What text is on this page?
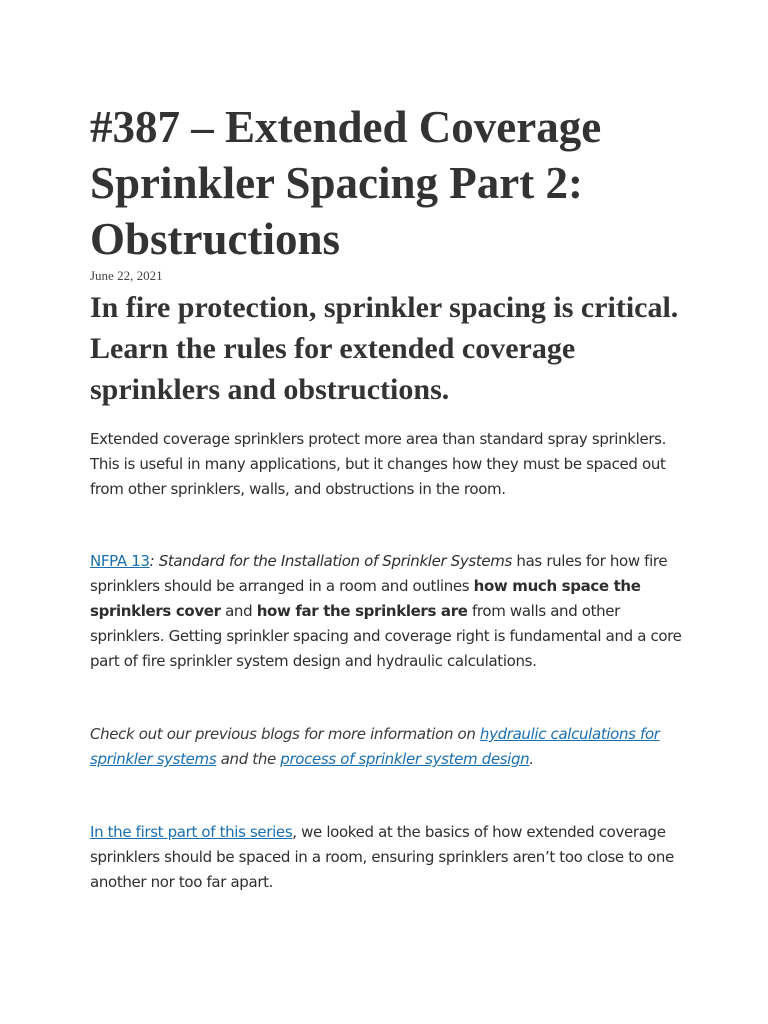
#387 – Extended Coverage Sprinkler Spacing Part 2: Obstructions
June 22, 2021
In fire protection, sprinkler spacing is critical. Learn the rules for extended coverage sprinklers and obstructions.

Extended coverage sprinklers protect more area than standard spray sprinklers. This is useful in many applications, but it changes how they must be spaced out from other sprinklers, walls, and obstructions in the room.

NFPA 13: Standard for the Installation of Sprinkler Systems has rules for how fire sprinklers should be arranged in a room and outlines how much space the sprinklers cover and how far the sprinklers are from walls and other sprinklers. Getting sprinkler spacing and coverage right is fundamental and a core part of fire sprinkler system design and hydraulic calculations.

Check out our previous blogs for more information on hydraulic calculations for sprinkler systems and the process of sprinkler system design.

In the first part of this series, we looked at the basics of how extended coverage sprinklers should be spaced in a room, ensuring sprinklers aren’t too close to one another nor too far apart.
